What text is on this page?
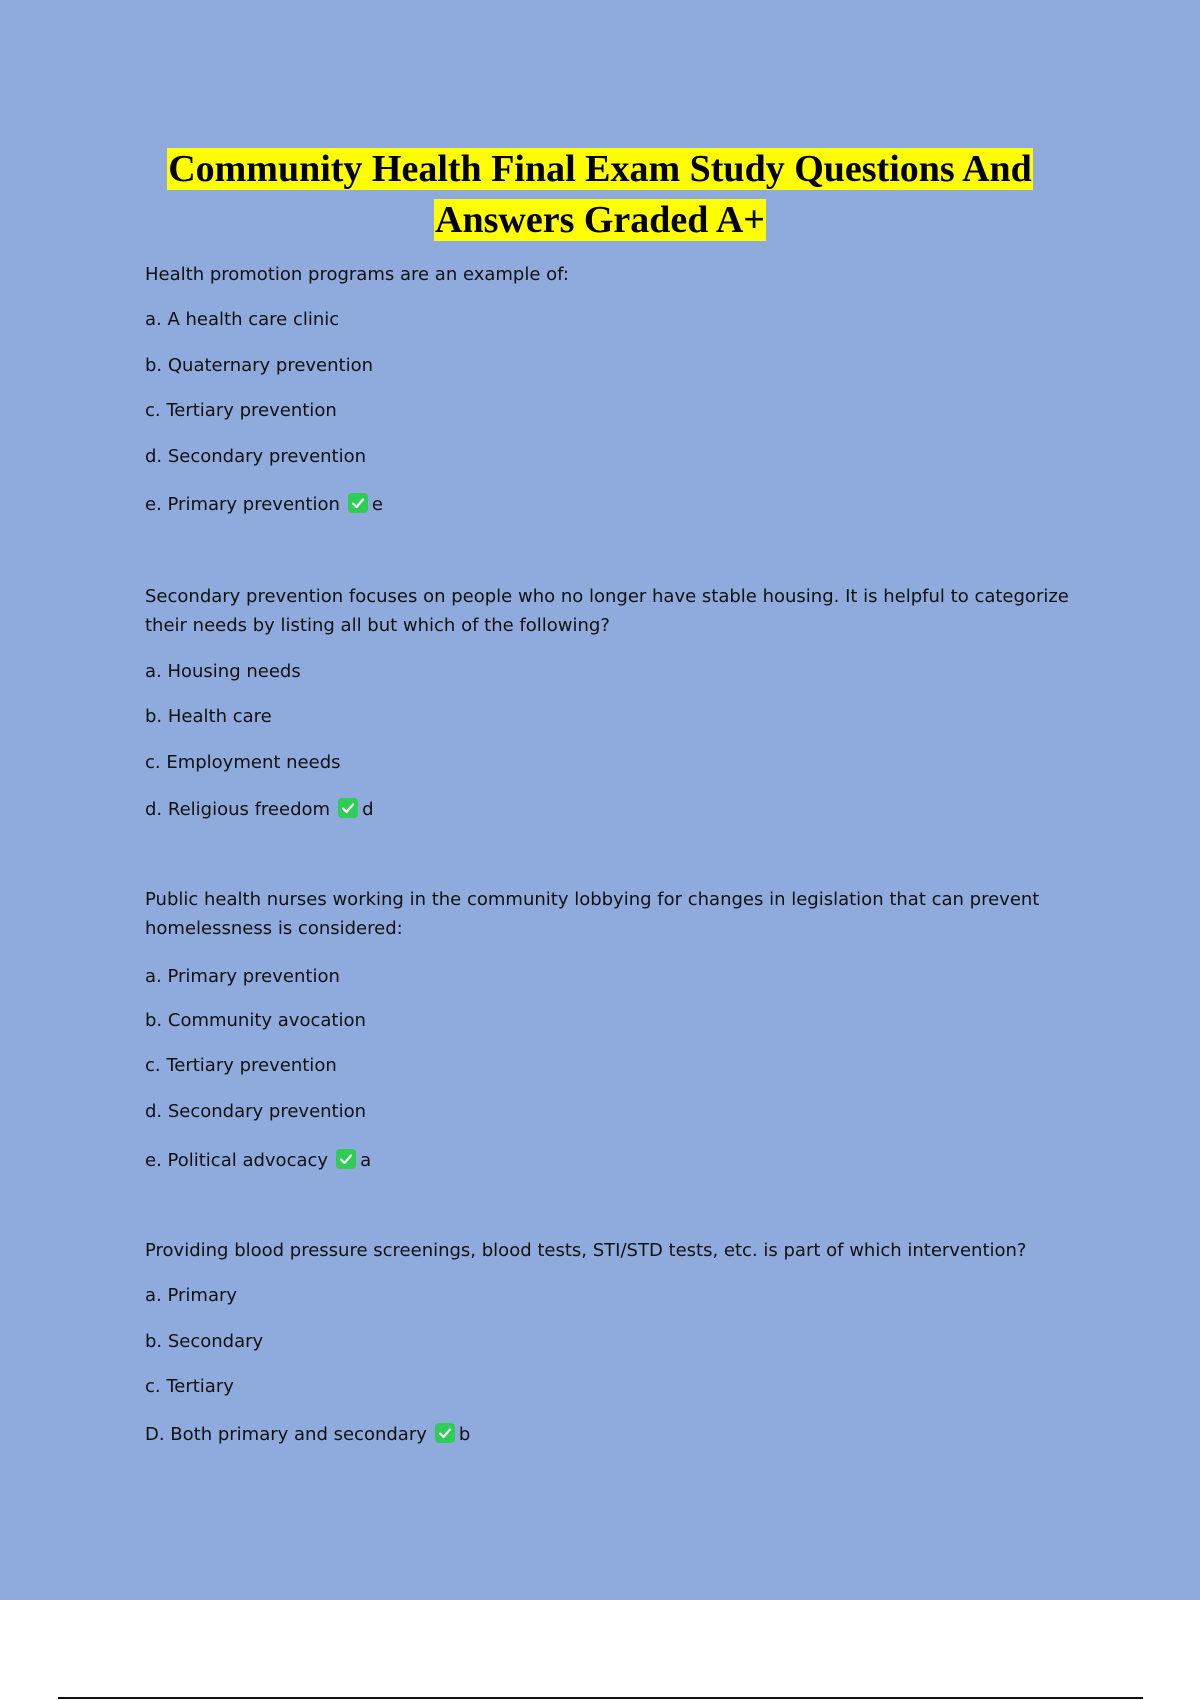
Community Health Final Exam Study Questions And
Answers Graded A+
Health promotion programs are an example of:
a. A health care clinic
b. Quaternary prevention
c. Tertiary prevention
d. Secondary prevention
e. Primary prevention e
Secondary prevention focuses on people who no longer have stable housing. It is helpful to categorize their needs by listing all but which of the following?
a. Housing needs
b. Health care
c. Employment needs
d. Religious freedom d
Public health nurses working in the community lobbying for changes in legislation that can prevent homelessness is considered:
a. Primary prevention
b. Community avocation
c. Tertiary prevention
d. Secondary prevention
e. Political advocacy a
Providing blood pressure screenings, blood tests, STI/STD tests, etc. is part of which intervention?
a. Primary
b. Secondary
c. Tertiary
D. Both primary and secondary b
